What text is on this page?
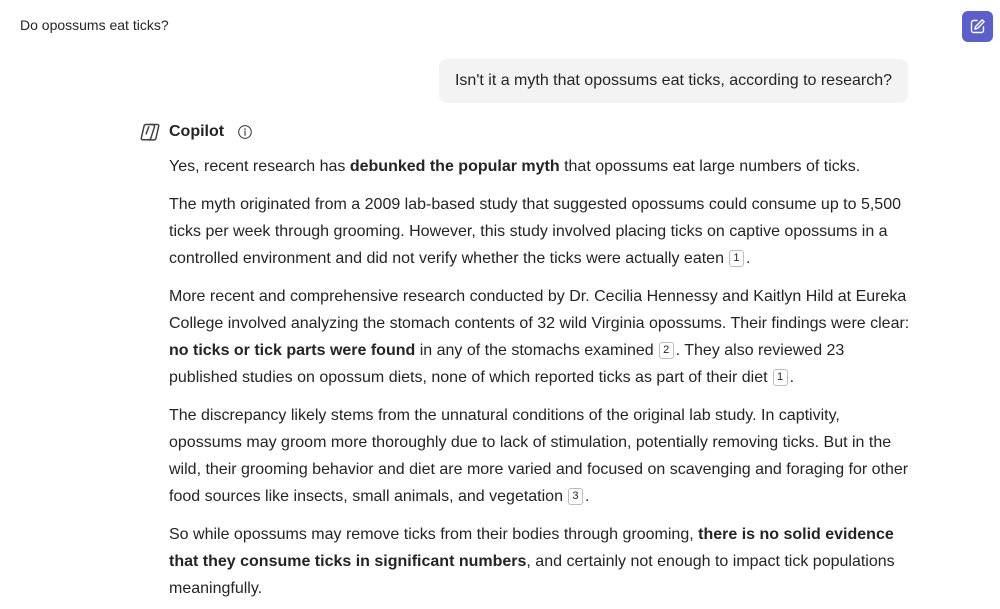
Do opossums eat ticks?
Isn't it a myth that opossums eat ticks, according to research?
Copilot

Yes, recent research has debunked the popular myth that opossums eat large numbers of ticks.

The myth originated from a 2009 lab-based study that suggested opossums could consume up to 5,500 ticks per week through grooming. However, this study involved placing ticks on captive opossums in a controlled environment and did not verify whether the ticks were actually eaten 1 .

More recent and comprehensive research conducted by Dr. Cecilia Hennessy and Kaitlyn Hild at Eureka College involved analyzing the stomach contents of 32 wild Virginia opossums. Their findings were clear: no ticks or tick parts were found in any of the stomachs examined 2 . They also reviewed 23 published studies on opossum diets, none of which reported ticks as part of their diet 1 .

The discrepancy likely stems from the unnatural conditions of the original lab study. In captivity, opossums may groom more thoroughly due to lack of stimulation, potentially removing ticks. But in the wild, their grooming behavior and diet are more varied and focused on scavenging and foraging for other food sources like insects, small animals, and vegetation 3 .

So while opossums may remove ticks from their bodies through grooming, there is no solid evidence that they consume ticks in significant numbers, and certainly not enough to impact tick populations meaningfully.
